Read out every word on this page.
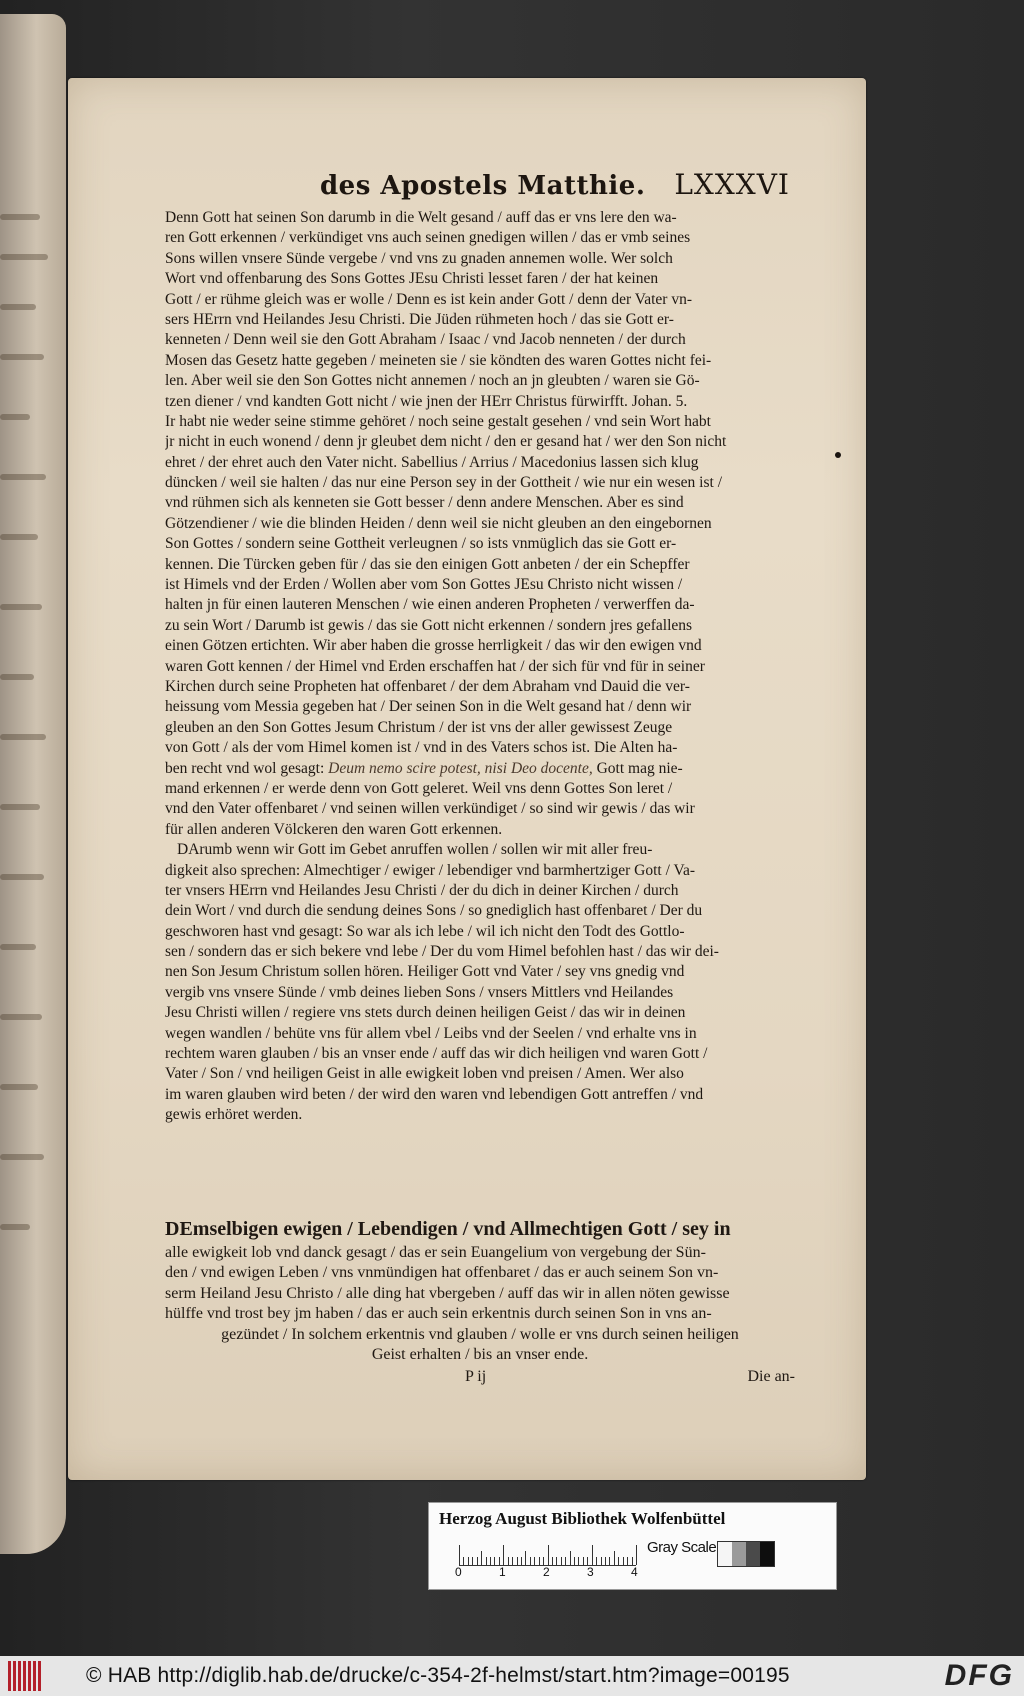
des Apostels Matthie. LXXXVI
Denn Gott hat seinen Son darumb in die Welt gesand / auff das er vns lere den wa-
ren Gott erkennen / verkündiget vns auch seinen gnedigen willen / das er vmb seines
Sons willen vnsere Sünde vergebe / vnd vns zu gnaden annemen wolle. Wer solch
Wort vnd offenbarung des Sons Gottes JEsu Christi lesset faren / der hat keinen
Gott / er rühme gleich was er wolle / Denn es ist kein ander Gott / denn der Vater vn-
sers HErrn vnd Heilandes Jesu Christi. Die Jüden rühmeten hoch / das sie Gott er-
kenneten / Denn weil sie den Gott Abraham / Isaac / vnd Jacob nenneten / der durch
Mosen das Gesetz hatte gegeben / meineten sie / sie köndten des waren Gottes nicht fei-
len. Aber weil sie den Son Gottes nicht annemen / noch an jn gleubten / waren sie Gö-
tzen diener / vnd kandten Gott nicht / wie jnen der HErr Christus fürwirfft. Johan. 5.
Ir habt nie weder seine stimme gehöret / noch seine gestalt gesehen / vnd sein Wort habt
jr nicht in euch wonend / denn jr gleubet dem nicht / den er gesand hat / wer den Son nicht
ehret / der ehret auch den Vater nicht. Sabellius / Arrius / Macedonius lassen sich klug
düncken / weil sie halten / das nur eine Person sey in der Gottheit / wie nur ein wesen ist /
vnd rühmen sich als kenneten sie Gott besser / denn andere Menschen. Aber es sind
Götzendiener / wie die blinden Heiden / denn weil sie nicht gleuben an den eingebornen
Son Gottes / sondern seine Gottheit verleugnen / so ists vnmüglich das sie Gott er-
kennen. Die Türcken geben für / das sie den einigen Gott anbeten / der ein Schepffer
ist Himels vnd der Erden / Wollen aber vom Son Gottes JEsu Christo nicht wissen /
halten jn für einen lauteren Menschen / wie einen anderen Propheten / verwerffen da-
zu sein Wort / Darumb ist gewis / das sie Gott nicht erkennen / sondern jres gefallens
einen Götzen ertichten. Wir aber haben die grosse herrligkeit / das wir den ewigen vnd
waren Gott kennen / der Himel vnd Erden erschaffen hat / der sich für vnd für in seiner
Kirchen durch seine Propheten hat offenbaret / der dem Abraham vnd Dauid die ver-
heissung vom Messia gegeben hat / Der seinen Son in die Welt gesand hat / denn wir
gleuben an den Son Gottes Jesum Christum / der ist vns der aller gewissest Zeuge
von Gott / als der vom Himel komen ist / vnd in des Vaters schos ist. Die Alten ha-
ben recht vnd wol gesagt: Deum nemo scire potest, nisi Deo docente, Gott mag nie-
mand erkennen / er werde denn von Gott geleret. Weil vns denn Gottes Son leret /
vnd den Vater offenbaret / vnd seinen willen verkündiget / so sind wir gewis / das wir
für allen anderen Völckeren den waren Gott erkennen.
DArumb wenn wir Gott im Gebet anruffen wollen / sollen wir mit aller freu-
digkeit also sprechen: Almechtiger / ewiger / lebendiger vnd barmhertziger Gott / Va-
ter vnsers HErrn vnd Heilandes Jesu Christi / der du dich in deiner Kirchen / durch
dein Wort / vnd durch die sendung deines Sons / so gnediglich hast offenbaret / Der du
geschworen hast vnd gesagt: So war als ich lebe / wil ich nicht den Todt des Gottlo-
sen / sondern das er sich bekere vnd lebe / Der du vom Himel befohlen hast / das wir dei-
nen Son Jesum Christum sollen hören. Heiliger Gott vnd Vater / sey vns gnedig vnd
vergib vns vnsere Sünde / vmb deines lieben Sons / vnsers Mittlers vnd Heilandes
Jesu Christi willen / regiere vns stets durch deinen heiligen Geist / das wir in deinen
wegen wandlen / behüte vns für allem vbel / Leibs vnd der Seelen / vnd erhalte vns in
rechtem waren glauben / bis an vnser ende / auff das wir dich heiligen vnd waren Gott /
Vater / Son / vnd heiligen Geist in alle ewigkeit loben vnd preisen / Amen. Wer also
im waren glauben wird beten / der wird den waren vnd lebendigen Gott antreffen / vnd
gewis erhöret werden.
DEmselbigen ewigen / Lebendigen / vnd Allmechtigen Gott / sey in
alle ewigkeit lob vnd danck gesagt / das er sein Euangelium von vergebung der Sün-
den / vnd ewigen Leben / vns vnmündigen hat offenbaret / das er auch seinem Son vn-
serm Heiland Jesu Christo / alle ding hat vbergeben / auff das wir in allen nöten gewisse
hülffe vnd trost bey jm haben / das er auch sein erkentnis durch seinen Son in vns an-
gezündet / In solchem erkentnis vnd glauben / wolle er vns durch seinen heiligen
Geist erhalten / bis an vnser ende.
P ij	Die an-
Herzog August Bibliothek Wolfenbüttel
Gray Scale
0	1	2	3	4
© HAB http://diglib.hab.de/drucke/c-354-2f-helmst/start.htm?image=00195	DFG
